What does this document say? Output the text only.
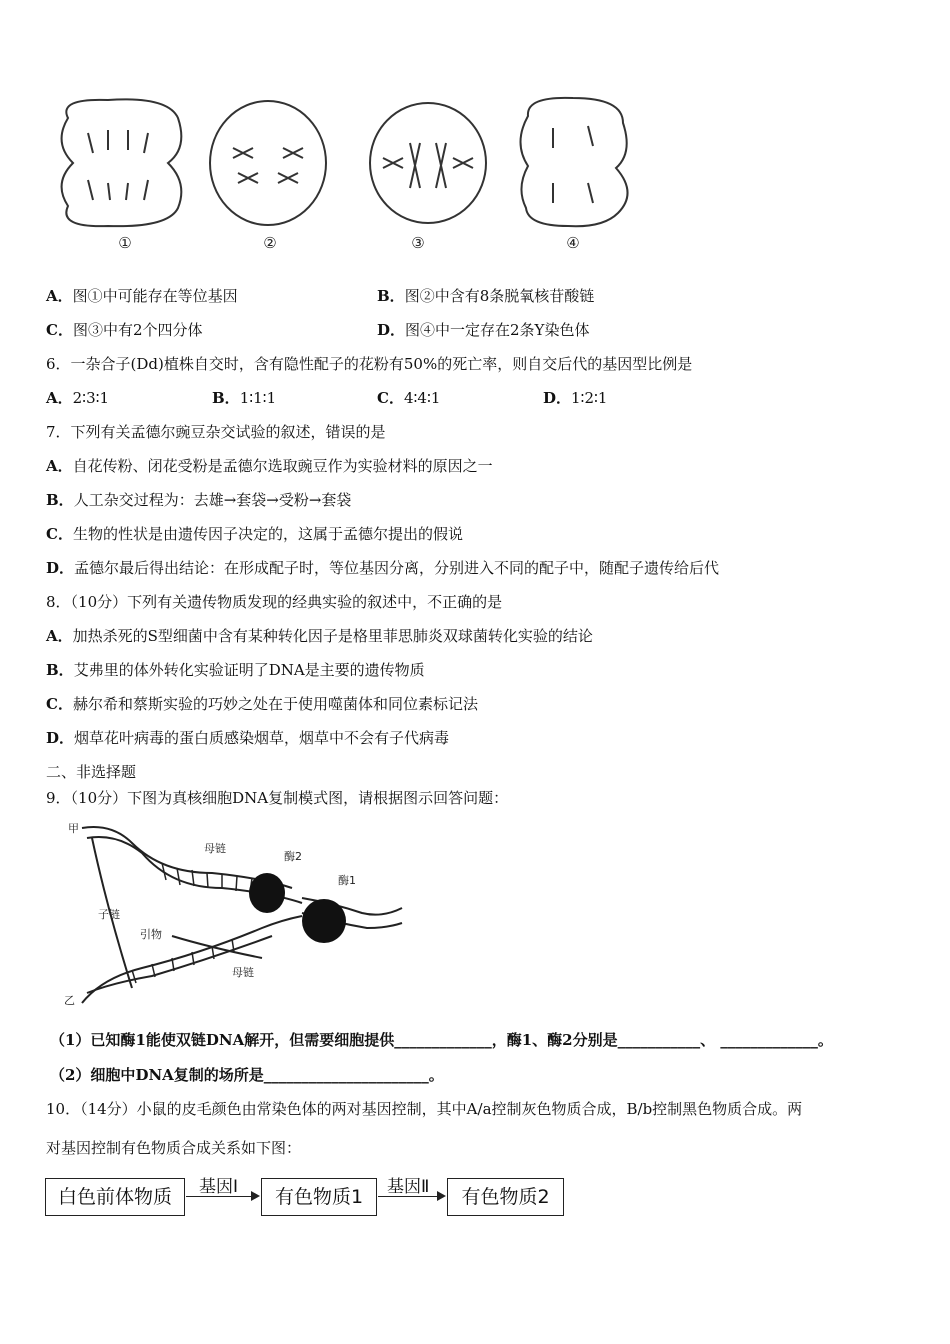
①	②	③	④
A．图①中可能存在等位基因	B．图②中含有8条脱氧核苷酸链
C．图③中有2个四分体	D．图④中一定存在2条Y染色体
6．一杂合子(Dd)植株自交时，含有隐性配子的花粉有50%的死亡率，则自交后代的基因型比例是
A．2∶3∶1	B．1∶1∶1	C．4∶4∶1	D．1∶2∶1
7．下列有关孟德尔豌豆杂交试验的叙述，错误的是
A．自花传粉、闭花受粉是孟德尔选取豌豆作为实验材料的原因之一
B．人工杂交过程为：去雄→套袋→受粉→套袋
C．生物的性状是由遗传因子决定的，这属于孟德尔提出的假说
D．孟德尔最后得出结论：在形成配子时，等位基因分离，分别进入不同的配子中，随配子遗传给后代
8．（10分）下列有关遗传物质发现的经典实验的叙述中，不正确的是
A．加热杀死的S型细菌中含有某种转化因子是格里菲思肺炎双球菌转化实验的结论
B．艾弗里的体外转化实验证明了DNA是主要的遗传物质
C．赫尔希和蔡斯实验的巧妙之处在于使用噬菌体和同位素标记法
D．烟草花叶病毒的蛋白质感染烟草，烟草中不会有子代病毒
二、非选择题
9．（10分）下图为真核细胞DNA复制模式图，请根据图示回答问题：
甲
乙
母链
母链
子链
引物
酶2
酶1
（1）已知酶1能使双链DNA解开，但需要细胞提供_____________，酶1、酶2分别是___________、 _____________。
（2）细胞中DNA复制的场所是______________________。
10．（14分）小鼠的皮毛颜色由常染色体的两对基因控制，其中A/a控制灰色物质合成，B/b控制黑色物质合成。两
对基因控制有色物质合成关系如下图：
白色前体物质	基因Ⅰ	有色物质1	基因Ⅱ	有色物质2
